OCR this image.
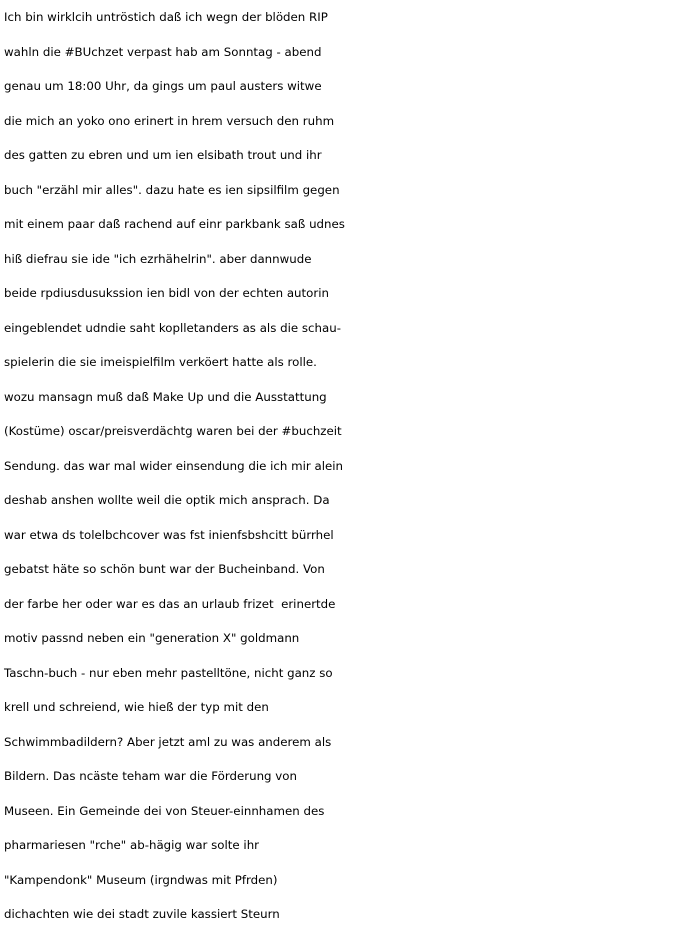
Ich bin wirklcih untröstich daß ich wegn der blöden RIP
wahln die #BUchzet verpast hab am Sonntag - abend
genau um 18:00 Uhr, da gings um paul austers witwe
die mich an yoko ono erinert in hrem versuch den ruhm
des gatten zu ebren und um ien elsibath trout und ihr
buch "erzähl mir alles". dazu hate es ien sipsilfilm gegen
mit einem paar daß rachend auf einr parkbank saß udnes
hiß diefrau sie ide "ich ezrhähelrin". aber dannwude
beide rpdiusdusukssion ien bidl von der echten autorin
eingeblendet udndie saht koplletanders as als die schau-
spielerin die sie imeispielfilm verköert hatte als rolle.
wozu mansagn muß daß Make Up und die Ausstattung
(Kostüme) oscar/preisverdächtg waren bei der #buchzeit
Sendung. das war mal wider einsendung die ich mir alein
deshab anshen wollte weil die optik mich ansprach. Da
war etwa ds tolelbchcover was fst inienfsbshcitt bürrhel
gebatst häte so schön bunt war der Bucheinband. Von
der farbe her oder war es das an urlaub frizet  erinertde
motiv passnd neben ein "generation X" goldmann
Taschn-buch - nur eben mehr pastelltöne, nicht ganz so
krell und schreiend, wie hieß der typ mit den
Schwimmbadildern? Aber jetzt aml zu was anderem als
Bildern. Das ncäste teham war die Förderung von
Museen. Ein Gemeinde dei von Steuer-einnhamen des
pharmariesen "rche" ab-hägig war solte ihr
"Kampendonk" Museum (irgndwas mit Pfrden)
dichachten wie dei stadt zuvile kassiert Steurn
